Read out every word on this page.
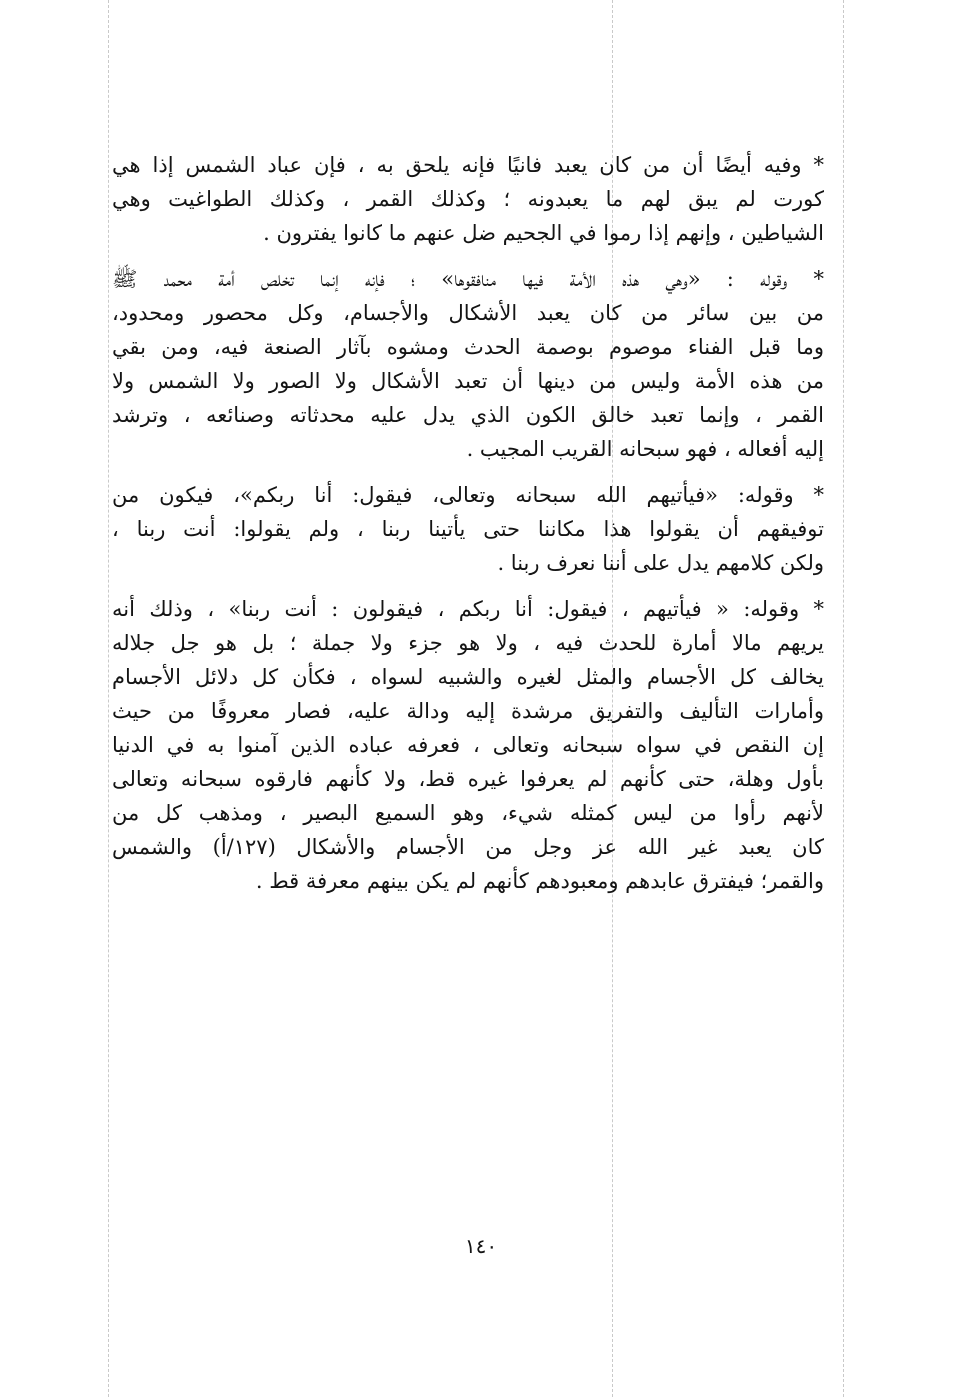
* وفيه أيضًا أن من كان يعبد فانيًا فإنه يلحق به ، فإن عباد الشمس إذا هي
كورت لم يبق لهم ما يعبدونه ؛ وكذلك القمر ، وكذلك الطواغيت وهي
الشياطين ، وإنهم إذا رموا في الجحيم ضل عنهم ما كانوا يفترون .
* وقوله : «وهي هذه الأمة فيها منافقوها» ؛ فإنه إنما تخلص أمة محمد ﷺ
من بين سائر من كان يعبد الأشكال والأجسام، وكل محصور ومحدود،
وما قبل الفناء موصوم بوصمة الحدث ومشوه بآثار الصنعة فيه، ومن بقي
من هذه الأمة وليس من دينها أن تعبد الأشكال ولا الصور ولا الشمس ولا
القمر ، وإنما تعبد خالق الكون الذي يدل عليه محدثاته وصنائعه ، وترشد
إليه أفعاله ، فهو سبحانه القريب المجيب .
* وقوله: «فيأتيهم الله سبحانه وتعالى، فيقول: أنا ربكم»، فيكون من
توفيقهم أن يقولوا هذا مكاننا حتى يأتينا ربنا ، ولم يقولوا: أنت ربنا ،
ولكن كلامهم يدل على أننا نعرف ربنا .
* وقوله: « فيأتيهم ، فيقول: أنا ربكم ، فيقولون : أنت ربنا» ، وذلك أنه
يريهم مالا أمارة للحدث فيه ، ولا هو جزء ولا جملة ؛ بل هو جل جلاله
يخالف كل الأجسام والمثل لغيره والشبيه لسواه ، فكأن كل دلائل الأجسام
وأمارات التأليف والتفريق مرشدة إليه ودالة عليه، فصار معروفًا من حيث
إن النقص في سواه سبحانه وتعالى ، فعرفه عباده الذين آمنوا به في الدنيا
بأول وهلة، حتى كأنهم لم يعرفوا غيره قط، ولا كأنهم فارقوه سبحانه وتعالى
لأنهم رأوا من ليس كمثله شيء، وهو السميع البصير ، ومذهب كل من
كان يعبد غير الله عز وجل من الأجسام والأشكال (١٢٧/أ) والشمس
والقمر؛ فيفترق عابدهم ومعبودهم كأنهم لم يكن بينهم معرفة قط .
١٤٠
